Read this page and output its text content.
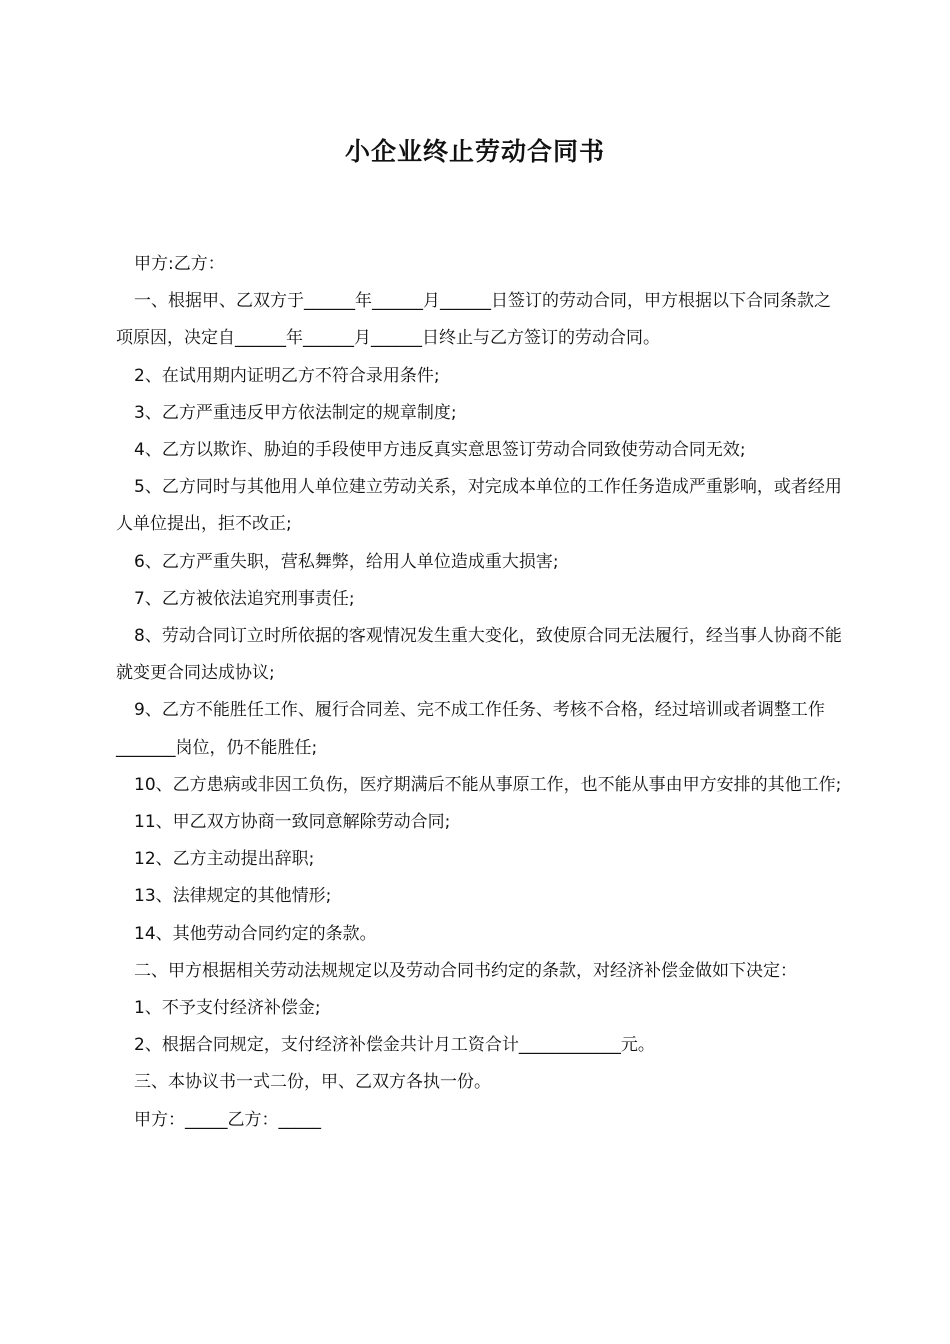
小企业终止劳动合同书

甲方:乙方：

一、根据甲、乙双方于______年______月______日签订的劳动合同，甲方根据以下合同条款之项原因，决定自______年______月______日终止与乙方签订的劳动合同。

2、在试用期内证明乙方不符合录用条件;

3、乙方严重违反甲方依法制定的规章制度;

4、乙方以欺诈、胁迫的手段使甲方违反真实意思签订劳动合同致使劳动合同无效;

5、乙方同时与其他用人单位建立劳动关系，对完成本单位的工作任务造成严重影响，或者经用人单位提出，拒不改正;

6、乙方严重失职，营私舞弊，给用人单位造成重大损害;

7、乙方被依法追究刑事责任;

8、劳动合同订立时所依据的客观情况发生重大变化，致使原合同无法履行，经当事人协商不能就变更合同达成协议;

9、乙方不能胜任工作、履行合同差、完不成工作任务、考核不合格，经过培训或者调整工作_______岗位，仍不能胜任;

10、乙方患病或非因工负伤，医疗期满后不能从事原工作，也不能从事由甲方安排的其他工作;

11、甲乙双方协商一致同意解除劳动合同;

12、乙方主动提出辞职;

13、法律规定的其他情形;

14、其他劳动合同约定的条款。

二、甲方根据相关劳动法规规定以及劳动合同书约定的条款，对经济补偿金做如下决定：

1、不予支付经济补偿金;

2、根据合同规定，支付经济补偿金共计月工资合计____________元。

三、本协议书一式二份，甲、乙双方各执一份。

甲方：_____乙方：_____
